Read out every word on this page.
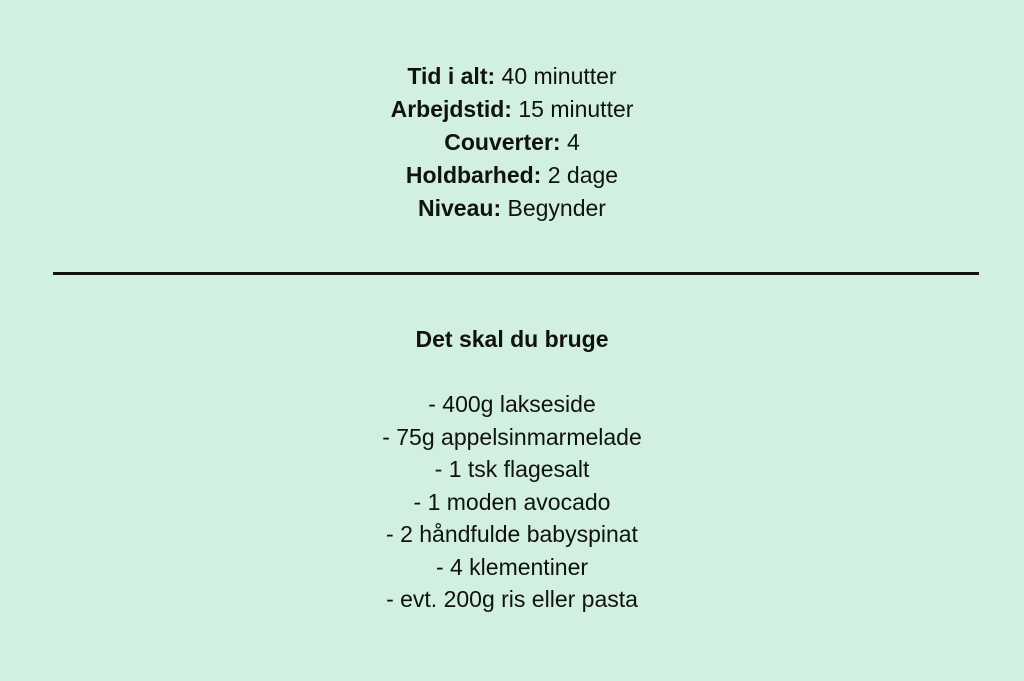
Tid i alt: 40 minutter
Arbejdstid: 15 minutter
Couverter: 4
Holdbarhed: 2 dage
Niveau: Begynder
Det skal du bruge
- 400g lakseside
- 75g appelsinmarmelade
- 1 tsk flagesalt
- 1 moden avocado
- 2 håndfulde babyspinat
- 4 klementiner
- evt. 200g ris eller pasta
